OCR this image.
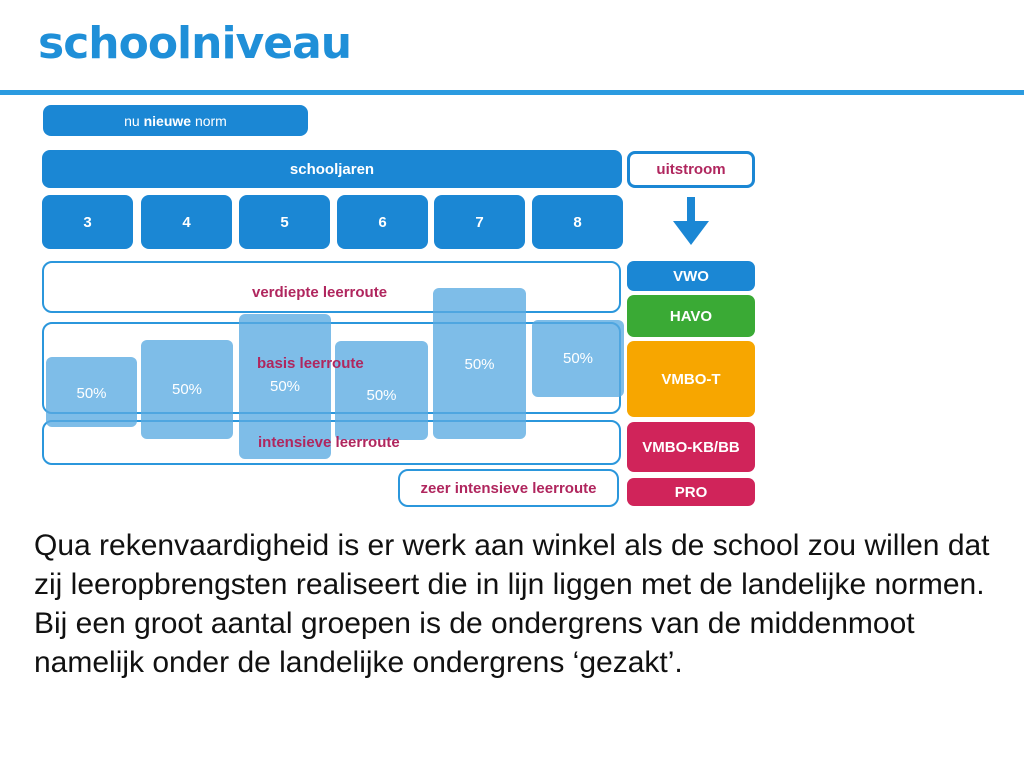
schoolniveau
nu nieuwe norm
schooljaren
3	4	5	6	7	8
uitstroom
zeer intensieve leerroute
50%	50%	50%
50%
50%	50%
verdiepte leerroute
basis leerroute
intensieve leerroute
VWO
HAVO
VMBO-T
VMBO-KB/BB
PRO

Qua rekenvaardigheid is er werk aan winkel als de school zou willen dat zij leeropbrengsten realiseert die in lijn liggen met de landelijke normen. Bij een groot aantal groepen is de ondergrens van de middenmoot namelijk onder de landelijke ondergrens ‘gezakt’.
